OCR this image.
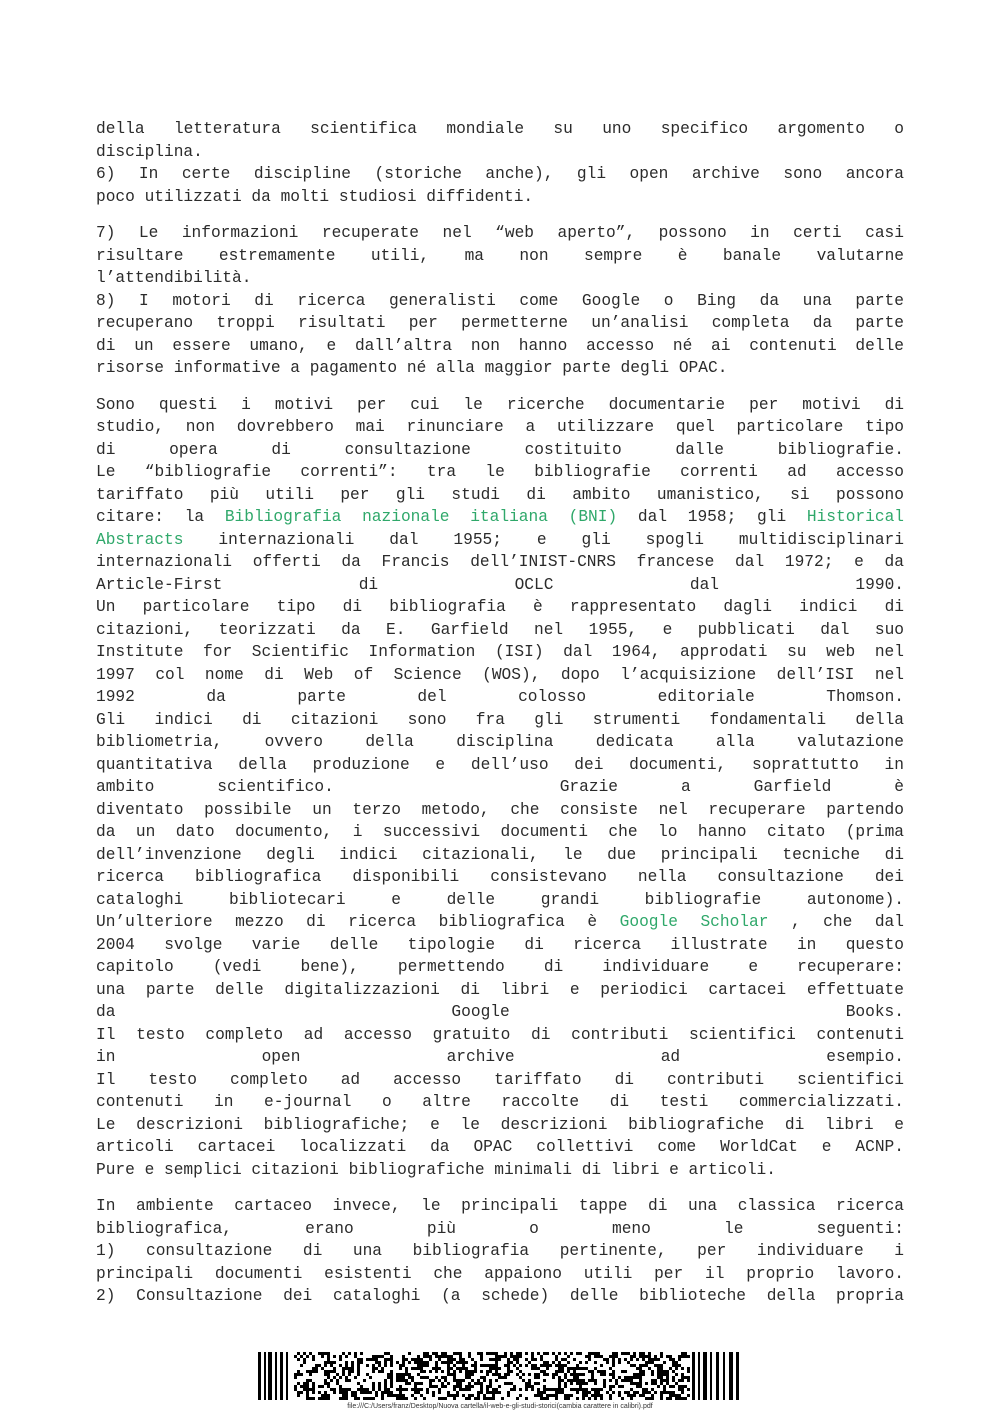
della letteratura scientifica mondiale su uno specifico argomento o
disciplina.
6) In certe discipline (storiche anche), gli open archive sono ancora
poco utilizzati da molti studiosi diffidenti.
7) Le informazioni recuperate nel “web aperto”, possono in certi casi
risultare estremamente utili, ma non sempre è banale valutarne
l’attendibilità.
8) I motori di ricerca generalisti come Google o Bing da una parte
recuperano troppi risultati per permetterne un’analisi completa da parte
di un essere umano, e dall’altra non hanno accesso né ai contenuti delle
risorse informative a pagamento né alla maggior parte degli OPAC.
Sono questi i motivi per cui le ricerche documentarie per motivi di
studio, non dovrebbero mai rinunciare a utilizzare quel particolare tipo
di opera di consultazione costituito dalle bibliografie.
Le “bibliografie correnti”: tra le bibliografie correnti ad accesso
tariffato più utili per gli studi di ambito umanistico, si possono
citare: la Bibliografia nazionale italiana (BNI) dal 1958; gli Historical
Abstracts internazionali dal 1955; e gli spogli multidisciplinari
internazionali offerti da Francis dell’INIST-CNRS francese dal 1972; e da
Article-First di OCLC dal 1990.
Un particolare tipo di bibliografia è rappresentato dagli indici di
citazioni, teorizzati da E. Garfield nel 1955, e pubblicati dal suo
Institute for Scientific Information (ISI) dal 1964, approdati su web nel
1997 col nome di Web of Science (WOS), dopo l’acquisizione dell’ISI nel
1992 da parte del colosso editoriale Thomson.
Gli indici di citazioni sono fra gli strumenti fondamentali della
bibliometria, ovvero della disciplina dedicata alla valutazione
quantitativa della produzione e dell’uso dei documenti, soprattutto in
ambito scientifico.	Grazie a Garfield è
diventato possibile un terzo metodo, che consiste nel recuperare partendo
da un dato documento, i successivi documenti che lo hanno citato (prima
dell’invenzione degli indici citazionali, le due principali tecniche di
ricerca bibliografica disponibili consistevano nella consultazione dei
cataloghi bibliotecari e delle grandi bibliografie autonome).
Un’ulteriore mezzo di ricerca bibliografica è Google Scholar , che dal
2004 svolge varie delle tipologie di ricerca illustrate in questo
capitolo (vedi bene), permettendo di individuare e recuperare:
una parte delle digitalizzazioni di libri e periodici cartacei effettuate
da Google Books.
Il testo completo ad accesso gratuito di contributi scientifici contenuti
in open archive ad esempio.
Il testo completo ad accesso tariffato di contributi scientifici
contenuti in e-journal o altre raccolte di testi commercializzati.
Le descrizioni bibliografiche; e le descrizioni bibliografiche di libri e
articoli cartacei localizzati da OPAC collettivi come WorldCat e ACNP.
Pure e semplici citazioni bibliografiche minimali di libri e articoli.
In ambiente cartaceo invece, le principali tappe di una classica ricerca
bibliografica, erano più o meno le seguenti:
1) consultazione di una bibliografia pertinente, per individuare i
principali documenti esistenti che appaiono utili per il proprio lavoro.
2) Consultazione dei cataloghi (a schede) delle biblioteche della propria
file:///C:/Users/franz/Desktop/Nuova cartella/il-web-e-gli-studi-storici(cambia carattere in calibri).pdf
